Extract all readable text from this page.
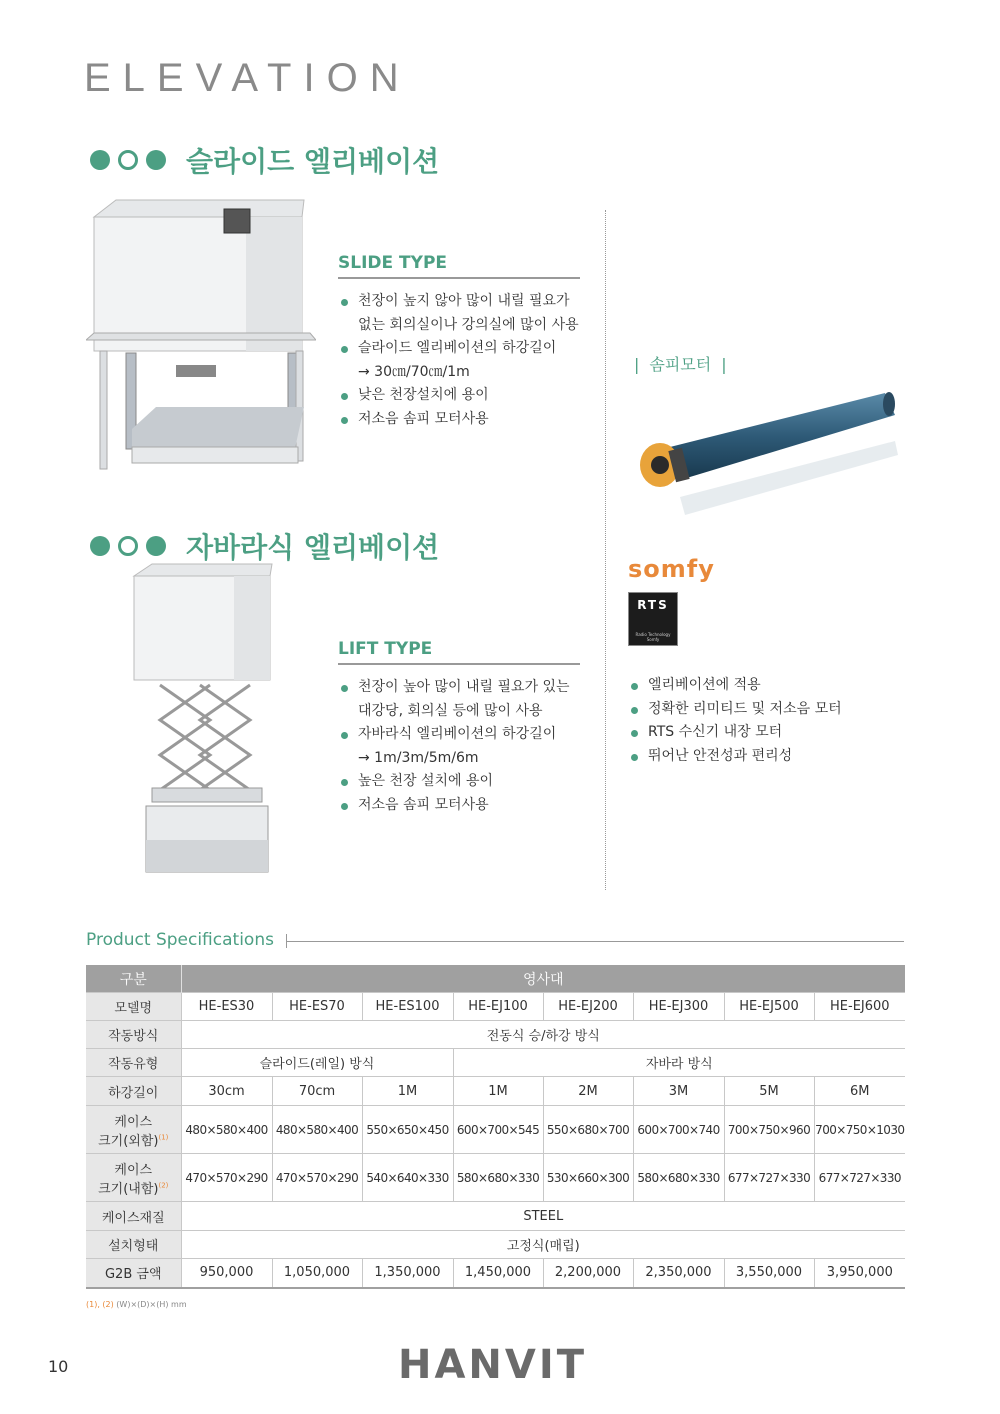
ELEVATION
슬라이드 엘리베이션
SLIDE TYPE
천장이 높지 않아 많이 내릴 필요가
없는 회의실이나 강의실에 많이 사용
슬라이드 엘리베이션의 하강길이
→ 30㎝/70㎝/1m
낮은 천장설치에 용이
저소음 솜피 모터사용
자바라식 엘리베이션
LIFT TYPE
천장이 높아 많이 내릴 필요가 있는
대강당, 회의실 등에 많이 사용
자바라식 엘리베이션의 하강길이
→ 1m/3m/5m/6m
높은 천장 설치에 용이
저소음 솜피 모터사용
| 솜피모터 |
somfy
RTS
Radio Technology Somfy
엘리베이션에 적용
정확한 리미티드 및 저소음 모터
RTS 수신기 내장 모터
뛰어난 안전성과 편리성
Product Specifications
구분	영사대							
모델명	HE-ES30	HE-ES70	HE-ES100	HE-EJ100	HE-EJ200	HE-EJ300	HE-EJ500	HE-EJ600
작동방식	전동식 승/하강 방식							
작동유형	슬라이드(레일) 방식			자바라 방식				
하강길이	30cm	70cm	1M	1M	2M	3M	5M	6M
케이스
크기(외함)$^{(1)}$	480×580×400	480×580×400	550×650×450	600×700×545	550×680×700	600×700×740	700×750×960	700×750×1030
케이스
크기(내함)$^{(2)}$	470×570×290	470×570×290	540×640×330	580×680×330	530×660×300	580×680×330	677×727×330	677×727×330
케이스재질	STEEL							
설치형태	고정식(매립)							
G2B 금액	950,000	1,050,000	1,350,000	1,450,000	2,200,000	2,350,000	3,550,000	3,950,000
(1), (2) (W)×(D)×(H) mm
10	HANVIT
